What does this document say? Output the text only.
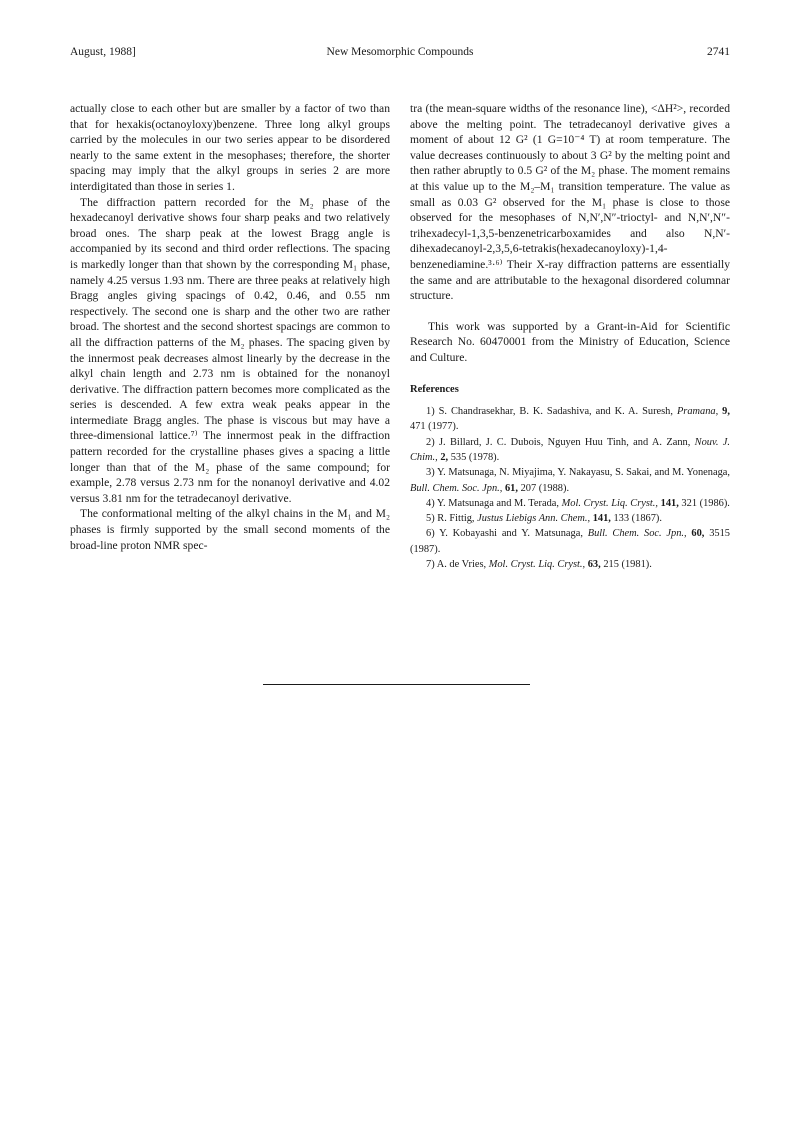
August, 1988]	New Mesomorphic Compounds	2741

actually close to each other but are smaller by a factor of two than that for hexakis(octanoyloxy)benzene. Three long alkyl groups carried by the molecules in our two series appear to be disordered nearly to the same extent in the mesophases; therefore, the shorter spacing may imply that the alkyl groups in series 2 are more interdigitated than those in series 1.

The diffraction pattern recorded for the M₂ phase of the hexadecanoyl derivative shows four sharp peaks and two relatively broad ones. The sharp peak at the lowest Bragg angle is accompanied by its second and third order reflections. The spacing is markedly longer than that shown by the corresponding M₁ phase, namely 4.25 versus 1.93 nm. There are three peaks at relatively high Bragg angles giving spacings of 0.42, 0.46, and 0.55 nm respectively. The second one is sharp and the other two are rather broad. The shortest and the second shortest spacings are common to all the diffraction patterns of the M₂ phases. The spacing given by the innermost peak decreases almost linearly by the decrease in the alkyl chain length and 2.73 nm is obtained for the nonanoyl derivative. The diffraction pattern becomes more complicated as the series is descended. A few extra weak peaks appear in the intermediate Bragg angles. The phase is viscous but may have a three-dimensional lattice.⁷⁾ The innermost peak in the diffraction pattern recorded for the crystalline phases gives a spacing a little longer than that of the M₂ phase of the same compound; for example, 2.78 versus 2.73 nm for the nonanoyl derivative and 4.02 versus 3.81 nm for the tetradecanoyl derivative.

The conformational melting of the alkyl chains in the M₁ and M₂ phases is firmly supported by the small second moments of the broad-line proton NMR spec-

tra (the mean-square widths of the resonance line), <ΔH²>, recorded above the melting point. The tetradecanoyl derivative gives a moment of about 12 G² (1 G=10⁻⁴ T) at room temperature. The value decreases continuously to about 3 G² by the melting point and then rather abruptly to 0.5 G² of the M₂ phase. The moment remains at this value up to the M₂–M₁ transition temperature. The value as small as 0.03 G² observed for the M₁ phase is close to those observed for the mesophases of N,N′,N″-trioctyl- and N,N′,N″-trihexadecyl-1,3,5-benzenetricarboxamides and also N,N′-dihexadecanoyl-2,3,5,6-tetrakis(hexadecanoyloxy)-1,4-benzenediamine.³·⁶⁾ Their X-ray diffraction patterns are essentially the same and are attributable to the hexagonal disordered columnar structure.

This work was supported by a Grant-in-Aid for Scientific Research No. 60470001 from the Ministry of Education, Science and Culture.

References

1) S. Chandrasekhar, B. K. Sadashiva, and K. A. Suresh, Pramana, 9, 471 (1977).
2) J. Billard, J. C. Dubois, Nguyen Huu Tinh, and A. Zann, Nouv. J. Chim., 2, 535 (1978).
3) Y. Matsunaga, N. Miyajima, Y. Nakayasu, S. Sakai, and M. Yonenaga, Bull. Chem. Soc. Jpn., 61, 207 (1988).
4) Y. Matsunaga and M. Terada, Mol. Cryst. Liq. Cryst., 141, 321 (1986).
5) R. Fittig, Justus Liebigs Ann. Chem., 141, 133 (1867).
6) Y. Kobayashi and Y. Matsunaga, Bull. Chem. Soc. Jpn., 60, 3515 (1987).
7) A. de Vries, Mol. Cryst. Liq. Cryst., 63, 215 (1981).
